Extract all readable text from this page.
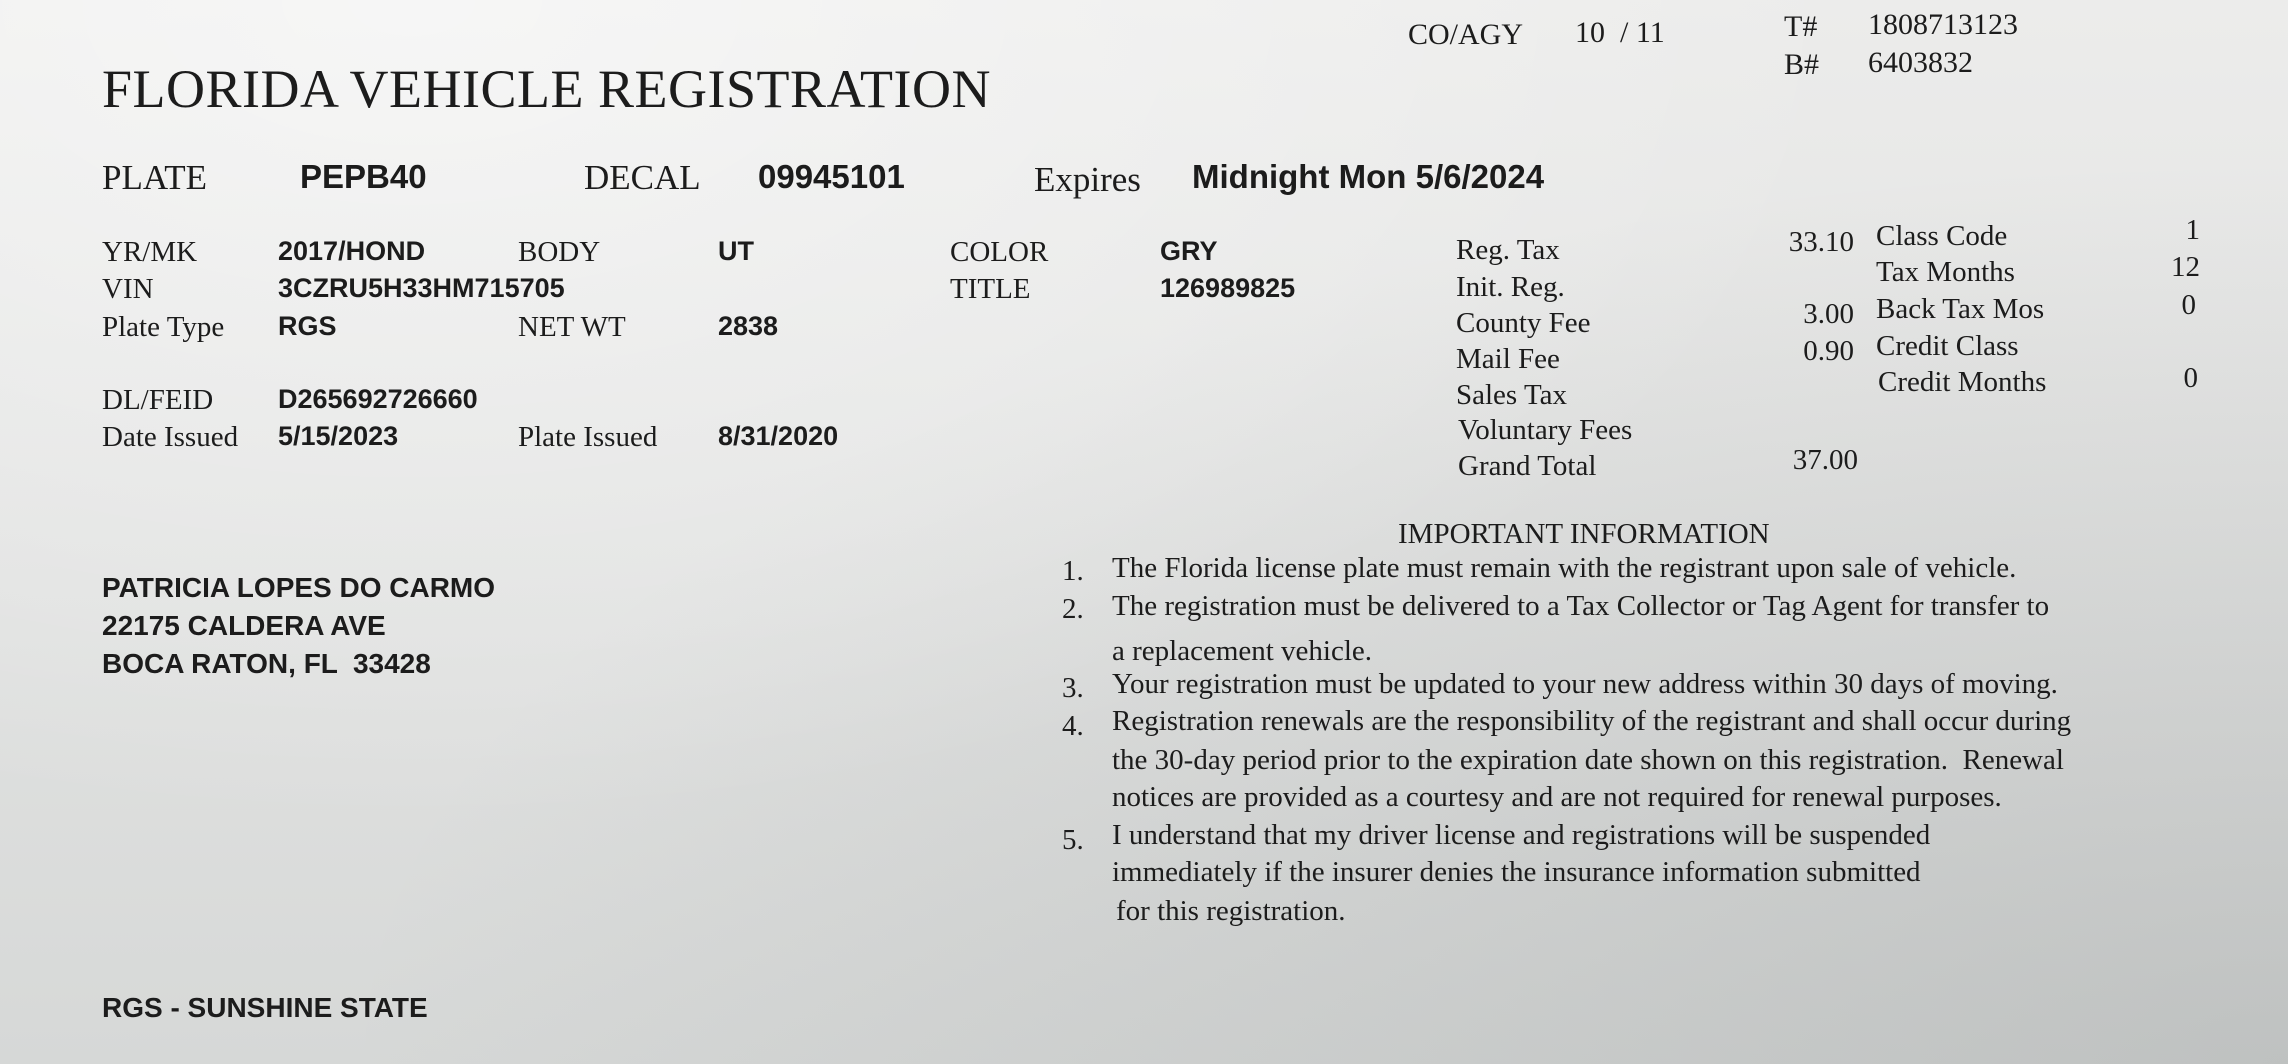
FLORIDA VEHICLE REGISTRATION
CO/AGY 10  / 11	T# 1808713123
B# 6403832
PLATE	PEPB40	DECAL 09945101	Expires Midnight Mon 5/6/2024
YR/MK	2017/HOND	BODY	UT	COLOR	GRY
VIN	3CZRU5H33HM715705	TITLE	126989825
Plate Type RGS	NET WT	2838
DL/FEID D265692726660
Date Issued 5/15/2023	Plate Issued 8/31/2020
Reg. Tax	33.10
Init. Reg.
County Fee	3.00
Mail Fee	0.90
Sales Tax
Voluntary Fees
Grand Total	37.00
Class Code	1
Tax Months	12
Back Tax Mos	0
Credit Class
Credit Months	0
PATRICIA LOPES DO CARMO
22175 CALDERA AVE
BOCA RATON, FL  33428
IMPORTANT INFORMATION
1. The Florida license plate must remain with the registrant upon sale of vehicle.
2. The registration must be delivered to a Tax Collector or Tag Agent for transfer to
a replacement vehicle.
3. Your registration must be updated to your new address within 30 days of moving.
4. Registration renewals are the responsibility of the registrant and shall occur during
the 30-day period prior to the expiration date shown on this registration.  Renewal
notices are provided as a courtesy and are not required for renewal purposes.
5. I understand that my driver license and registrations will be suspended
immediately if the insurer denies the insurance information submitted
for this registration.
RGS - SUNSHINE STATE
